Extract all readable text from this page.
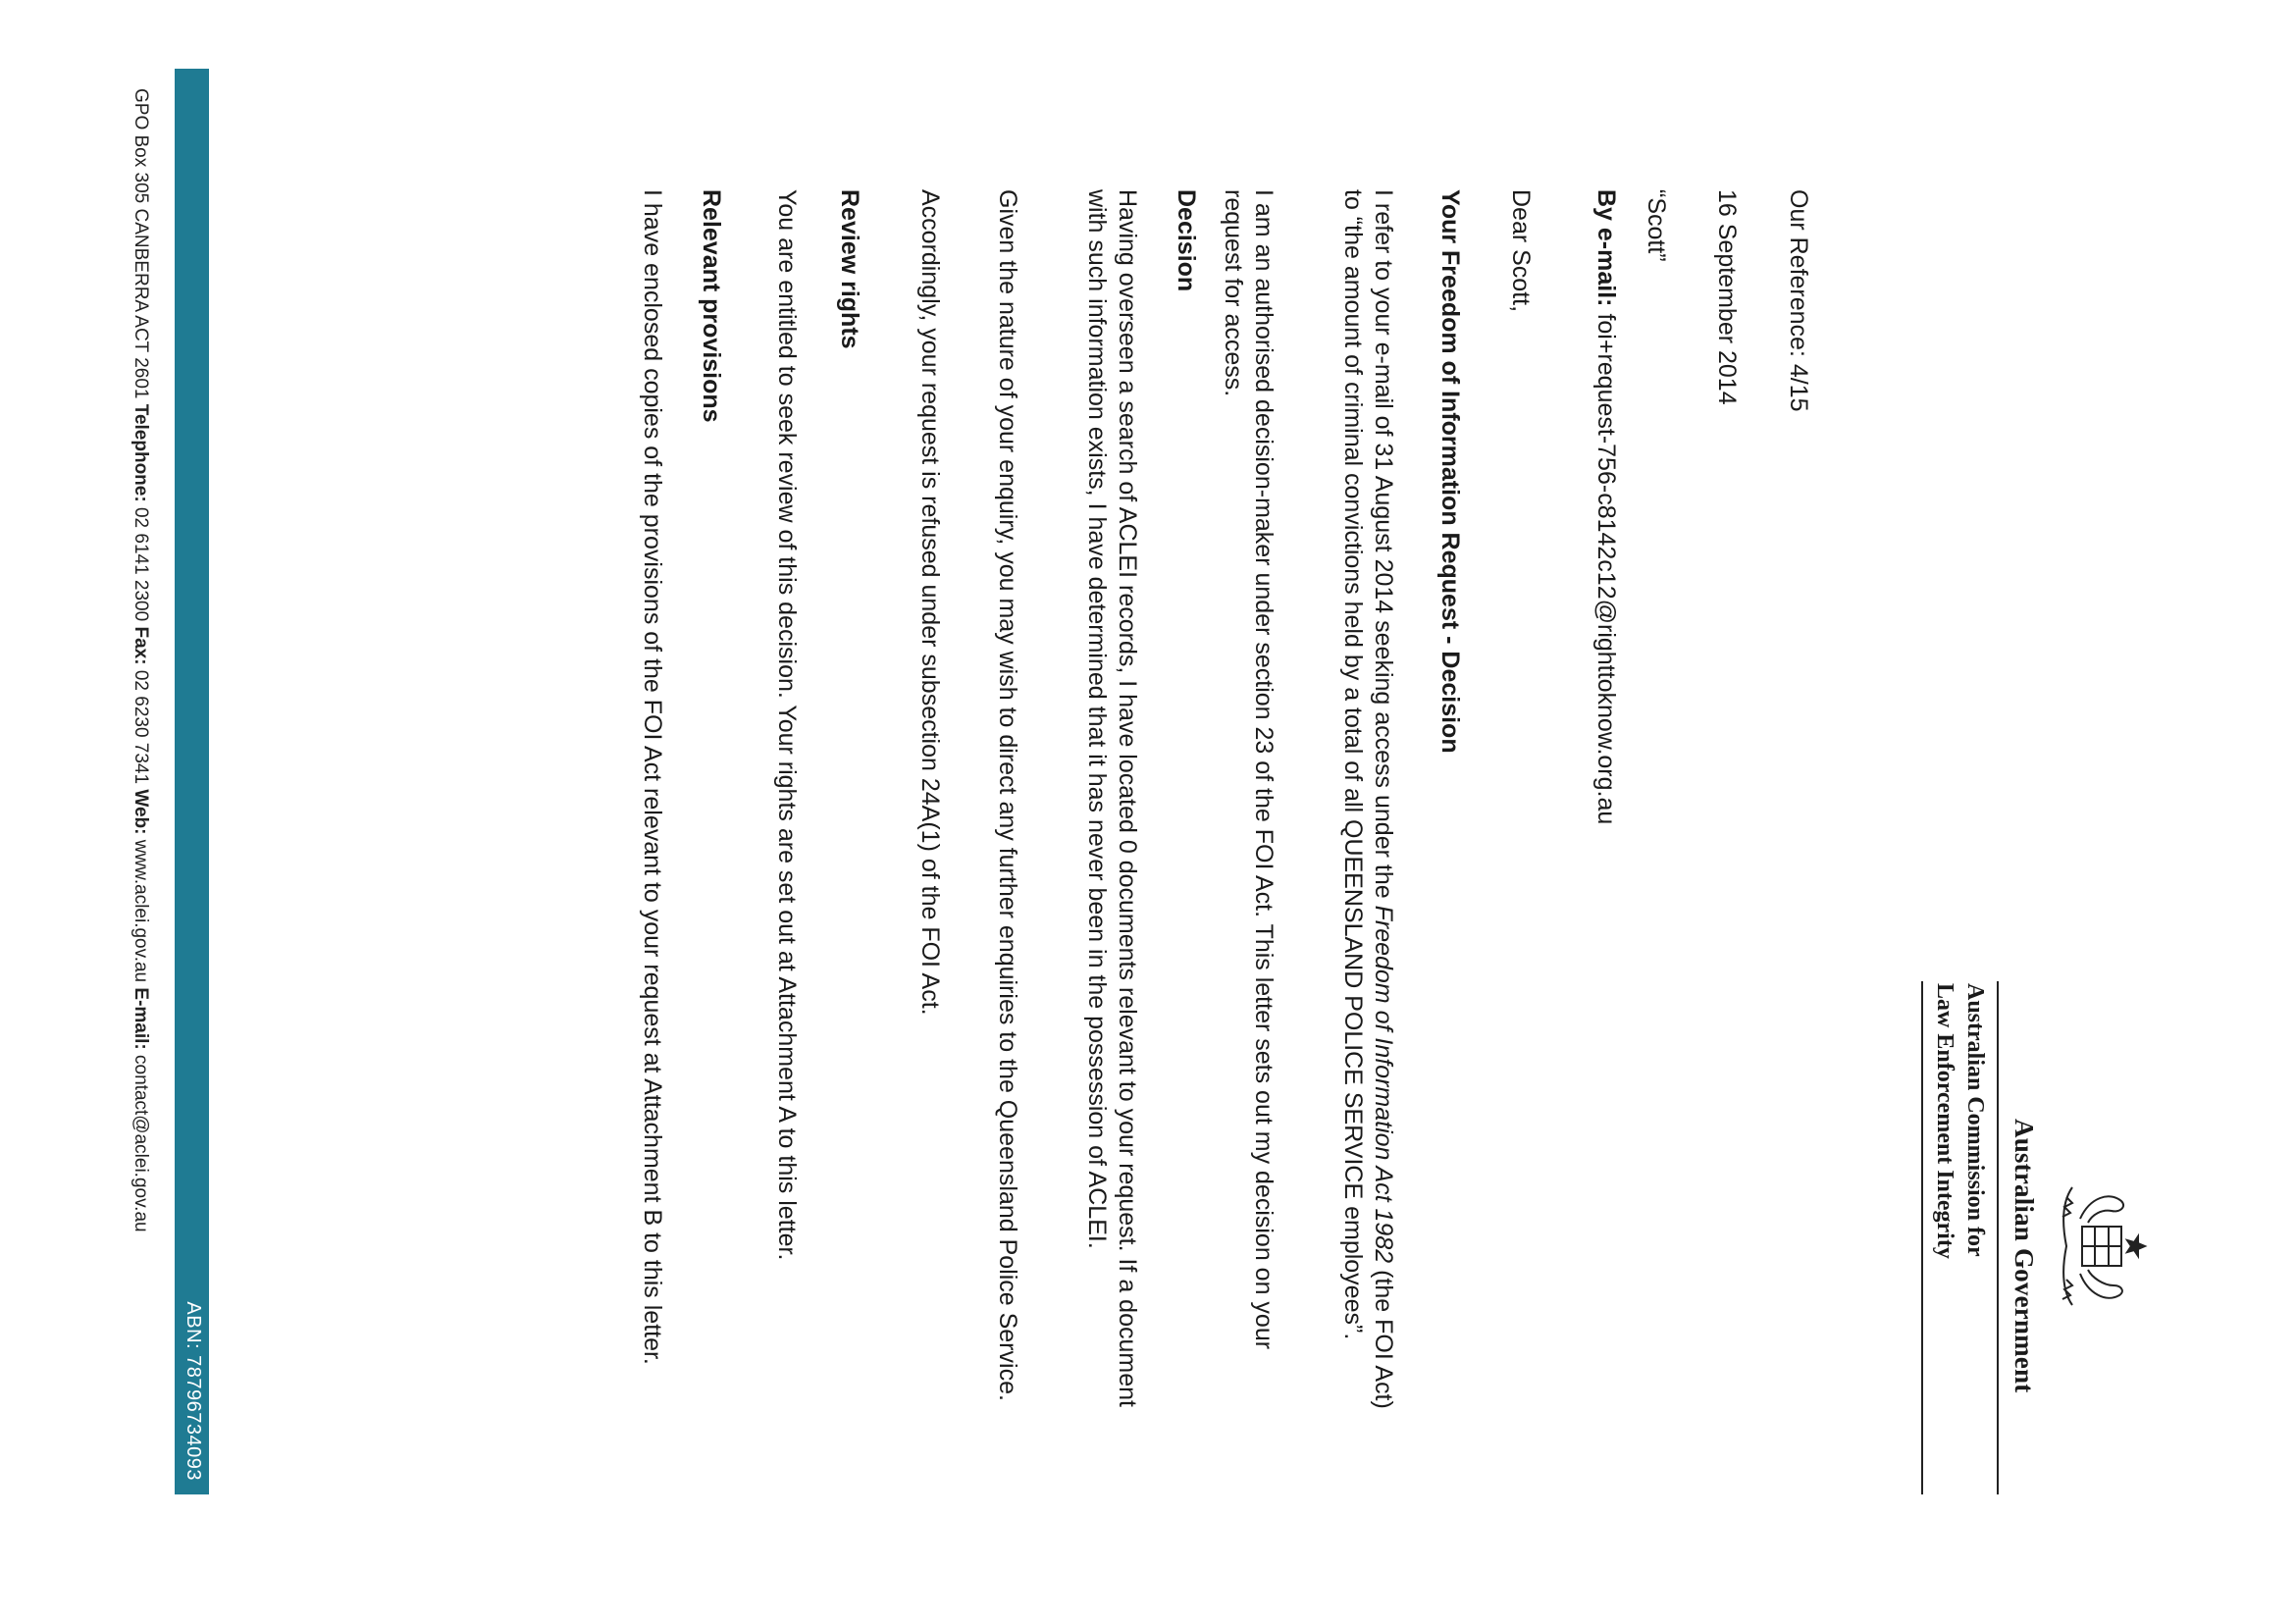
Australian Government
Australian Commission for
Law Enforcement Integrity
Our Reference: 4/15
16 September 2014
“Scott”
By e-mail: foi+request-756-c8142c12@righttoknow.org.au
Dear Scott,
Your Freedom of Information Request - Decision

I refer to your e-mail of 31 August 2014 seeking access under the Freedom of Information Act 1982 (the FOI Act) to “the amount of criminal convictions held by a total of all QUEENSLAND POLICE SERVICE employees”.

I am an authorised decision-maker under section 23 of the FOI Act. This letter sets out my decision on your request for access.

Decision

Having overseen a search of ACLEI records, I have located 0 documents relevant to your request. If a document with such information exists, I have determined that it has never been in the possession of ACLEI.

Given the nature of your enquiry, you may wish to direct any further enquiries to the Queensland Police Service.

Accordingly, your request is refused under subsection 24A(1) of the FOI Act.

Review rights

You are entitled to seek review of this decision. Your rights are set out at Attachment A to this letter.

Relevant provisions

I have enclosed copies of the provisions of the FOI Act relevant to your request at Attachment B to this letter.

ABN: 78796734093
GPO Box 305 CANBERRA ACT 2601 Telephone: 02 6141 2300 Fax: 02 6230 7341 Web: www.aclei.gov.au E-mail: contact@aclei.gov.au
